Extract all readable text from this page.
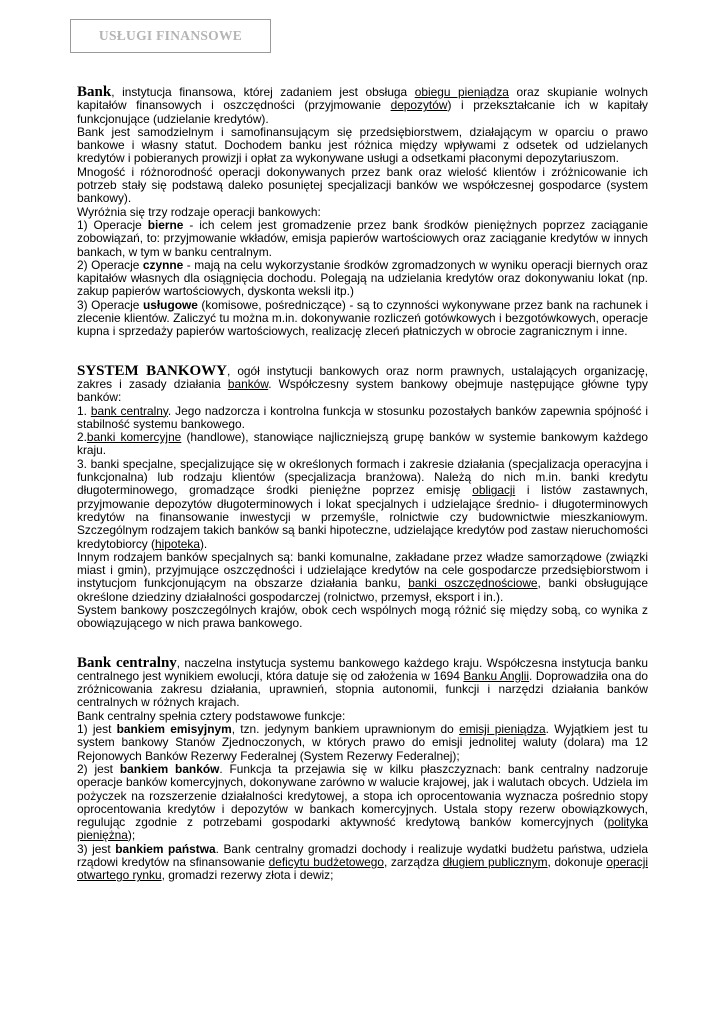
USŁUGI FINANSOWE

Bank, instytucja finansowa, której zadaniem jest obsługa obiegu pieniądza oraz skupianie wolnych kapitałów finansowych i oszczędności (przyjmowanie depozytów) i przekształcanie ich w kapitały funkcjonujące (udzielanie kredytów).

Bank jest samodzielnym i samofinansującym się przedsiębiorstwem, działającym w oparciu o prawo bankowe i własny statut. Dochodem banku jest różnica między wpływami z odsetek od udzielanych kredytów i pobieranych prowizji i opłat za wykonywane usługi a odsetkami płaconymi depozytariuszom.

Mnogość i różnorodność operacji dokonywanych przez bank oraz wielość klientów i zróżnicowanie ich potrzeb stały się podstawą daleko posuniętej specjalizacji banków we współczesnej gospodarce (system bankowy).

Wyróżnia się trzy rodzaje operacji bankowych:

1) Operacje bierne - ich celem jest gromadzenie przez bank środków pieniężnych poprzez zaciąganie zobowiązań, to: przyjmowanie wkładów, emisja papierów wartościowych oraz zaciąganie kredytów w innych bankach, w tym w banku centralnym.

2) Operacje czynne - mają na celu wykorzystanie środków zgromadzonych w wyniku operacji biernych oraz kapitałów własnych dla osiągnięcia dochodu. Polegają na udzielania kredytów oraz dokonywaniu lokat (np. zakup papierów wartościowych, dyskonta weksli itp.)

3) Operacje usługowe (komisowe, pośredniczące) - są to czynności wykonywane przez bank na rachunek i zlecenie klientów. Zaliczyć tu można m.in. dokonywanie rozliczeń gotówkowych i bezgotówkowych, operacje kupna i sprzedaży papierów wartościowych, realizację zleceń płatniczych w obrocie zagranicznym i inne.

SYSTEM BANKOWY, ogół instytucji bankowych oraz norm prawnych, ustalających organizację, zakres i zasady działania banków. Współczesny system bankowy obejmuje następujące główne typy banków:

1. bank centralny. Jego nadzorcza i kontrolna funkcja w stosunku pozostałych banków zapewnia spójność i stabilność systemu bankowego.

2.banki komercyjne (handlowe), stanowiące najliczniejszą grupę banków w systemie bankowym każdego kraju.

3. banki specjalne, specjalizujące się w określonych formach i zakresie działania (specjalizacja operacyjna i funkcjonalna) lub rodzaju klientów (specjalizacja branżowa). Należą do nich m.in. banki kredytu długoterminowego, gromadzące środki pieniężne poprzez emisję obligacji i listów zastawnych, przyjmowanie depozytów długoterminowych i lokat specjalnych i udzielające średnio- i długoterminowych kredytów na finansowanie inwestycji w przemyśle, rolnictwie czy budownictwie mieszkaniowym. Szczególnym rodzajem takich banków są banki hipoteczne, udzielające kredytów pod zastaw nieruchomości kredytobiorcy (hipoteka).

Innym rodzajem banków specjalnych są: banki komunalne, zakładane przez władze samorządowe (związki miast i gmin), przyjmujące oszczędności i udzielające kredytów na cele gospodarcze przedsiębiorstwom i instytucjom funkcjonującym na obszarze działania banku, banki oszczędnościowe, banki obsługujące określone dziedziny działalności gospodarczej (rolnictwo, przemysł, eksport i in.).

System bankowy poszczególnych krajów, obok cech wspólnych mogą różnić się między sobą, co wynika z obowiązującego w nich prawa bankowego.

Bank centralny, naczelna instytucja systemu bankowego każdego kraju. Współczesna instytucja banku centralnego jest wynikiem ewolucji, która datuje się od założenia w 1694 Banku Anglii. Doprowadziła ona do zróżnicowania zakresu działania, uprawnień, stopnia autonomii, funkcji i narzędzi działania banków centralnych w różnych krajach.

Bank centralny spełnia cztery podstawowe funkcje:

1) jest bankiem emisyjnym, tzn. jedynym bankiem uprawnionym do emisji pieniądza. Wyjątkiem jest tu system bankowy Stanów Zjednoczonych, w których prawo do emisji jednolitej waluty (dolara) ma 12 Rejonowych Banków Rezerwy Federalnej (System Rezerwy Federalnej);

2) jest bankiem banków. Funkcja ta przejawia się w kilku płaszczyznach: bank centralny nadzoruje operacje banków komercyjnych, dokonywane zarówno w walucie krajowej, jak i walutach obcych. Udziela im pożyczek na rozszerzenie działalności kredytowej, a stopa ich oprocentowania wyznacza pośrednio stopy oprocentowania kredytów i depozytów w bankach komercyjnych. Ustala stopy rezerw obowiązkowych, regulując zgodnie z potrzebami gospodarki aktywność kredytową banków komercyjnych (polityka pieniężna);

3) jest bankiem państwa. Bank centralny gromadzi dochody i realizuje wydatki budżetu państwa, udziela rządowi kredytów na sfinansowanie deficytu budżetowego, zarządza długiem publicznym, dokonuje operacji otwartego rynku, gromadzi rezerwy złota i dewiz;
